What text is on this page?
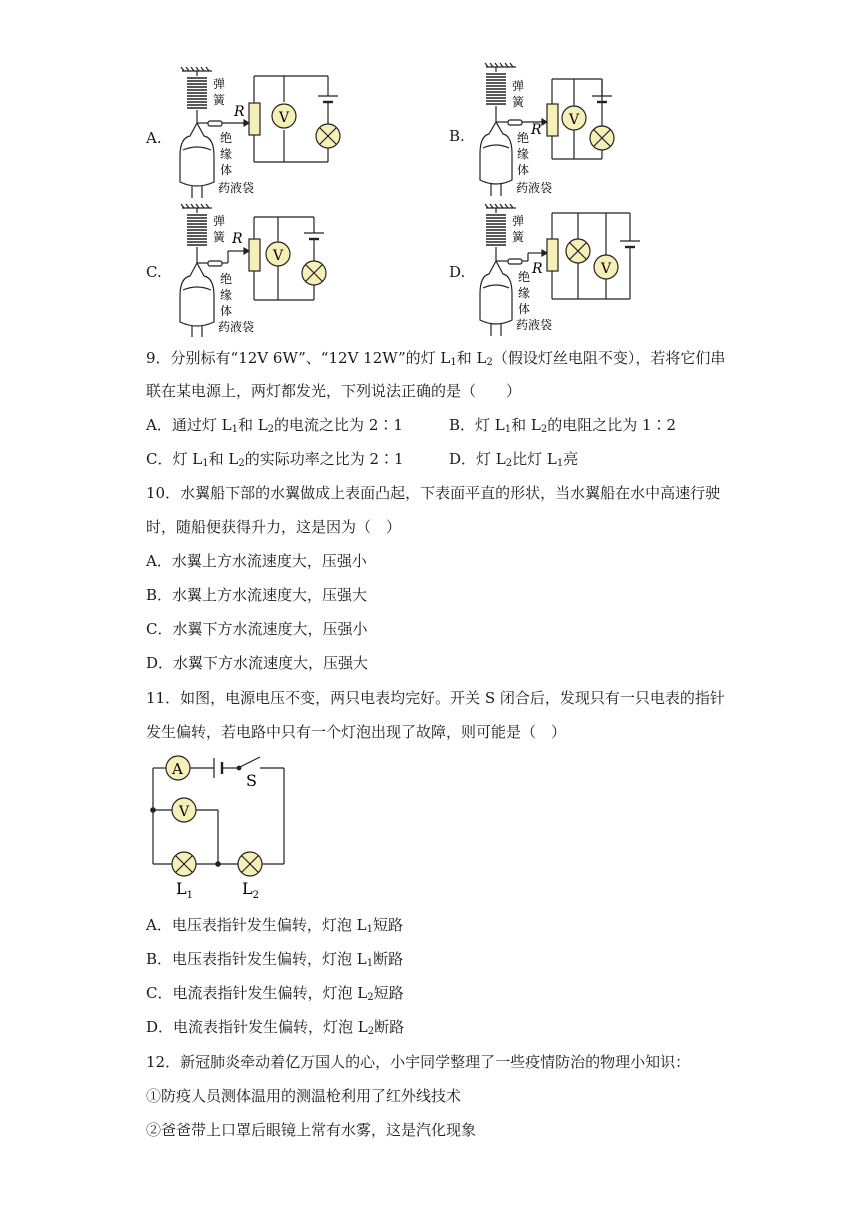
A.	B.
C.	D.
V
弹
簧
R
绝
缘
体
药液袋
V
弹
簧
R
绝
缘
体
药液袋
V
弹
簧 R
绝
缘
体
药液袋
V
弹
簧
R
绝
缘
体
药液袋
9．分别标有“12V 6W”、“12V 12W”的灯 $L_1$和 $L_2$（假设灯丝电阻不变），若将它们串
联在某电源上，两灯都发光，下列说法正确的是（　　）
A．通过灯 $L_1$和 $L_2$的电流之比为 2∶1	B．灯 $L_1$和 $L_2$的电阻之比为 1∶2
C．灯 $L_1$和 $L_2$的实际功率之比为 2∶1	D．灯 $L_2$比灯 $L_1$亮
10．水翼船下部的水翼做成上表面凸起，下表面平直的形状，当水翼船在水中高速行驶
时，随船便获得升力，这是因为（　）
A．水翼上方水流速度大，压强小
B．水翼上方水流速度大，压强大
C．水翼下方水流速度大，压强小
D．水翼下方水流速度大，压强大
11．如图，电源电压不变，两只电表均完好。开关 S 闭合后，发现只有一只电表的指针
发生偏转，若电路中只有一个灯泡出现了故障，则可能是（　）
A
V
S
$L_1$	$L_2$
A．电压表指针发生偏转，灯泡 $L_1$短路
B．电压表指针发生偏转，灯泡 $L_1$断路
C．电流表指针发生偏转，灯泡 $L_2$短路
D．电流表指针发生偏转，灯泡 $L_2$断路
12．新冠肺炎牵动着亿万国人的心，小宇同学整理了一些疫情防治的物理小知识：
①防疫人员测体温用的测温枪利用了红外线技术
②爸爸带上口罩后眼镜上常有水雾，这是汽化现象
